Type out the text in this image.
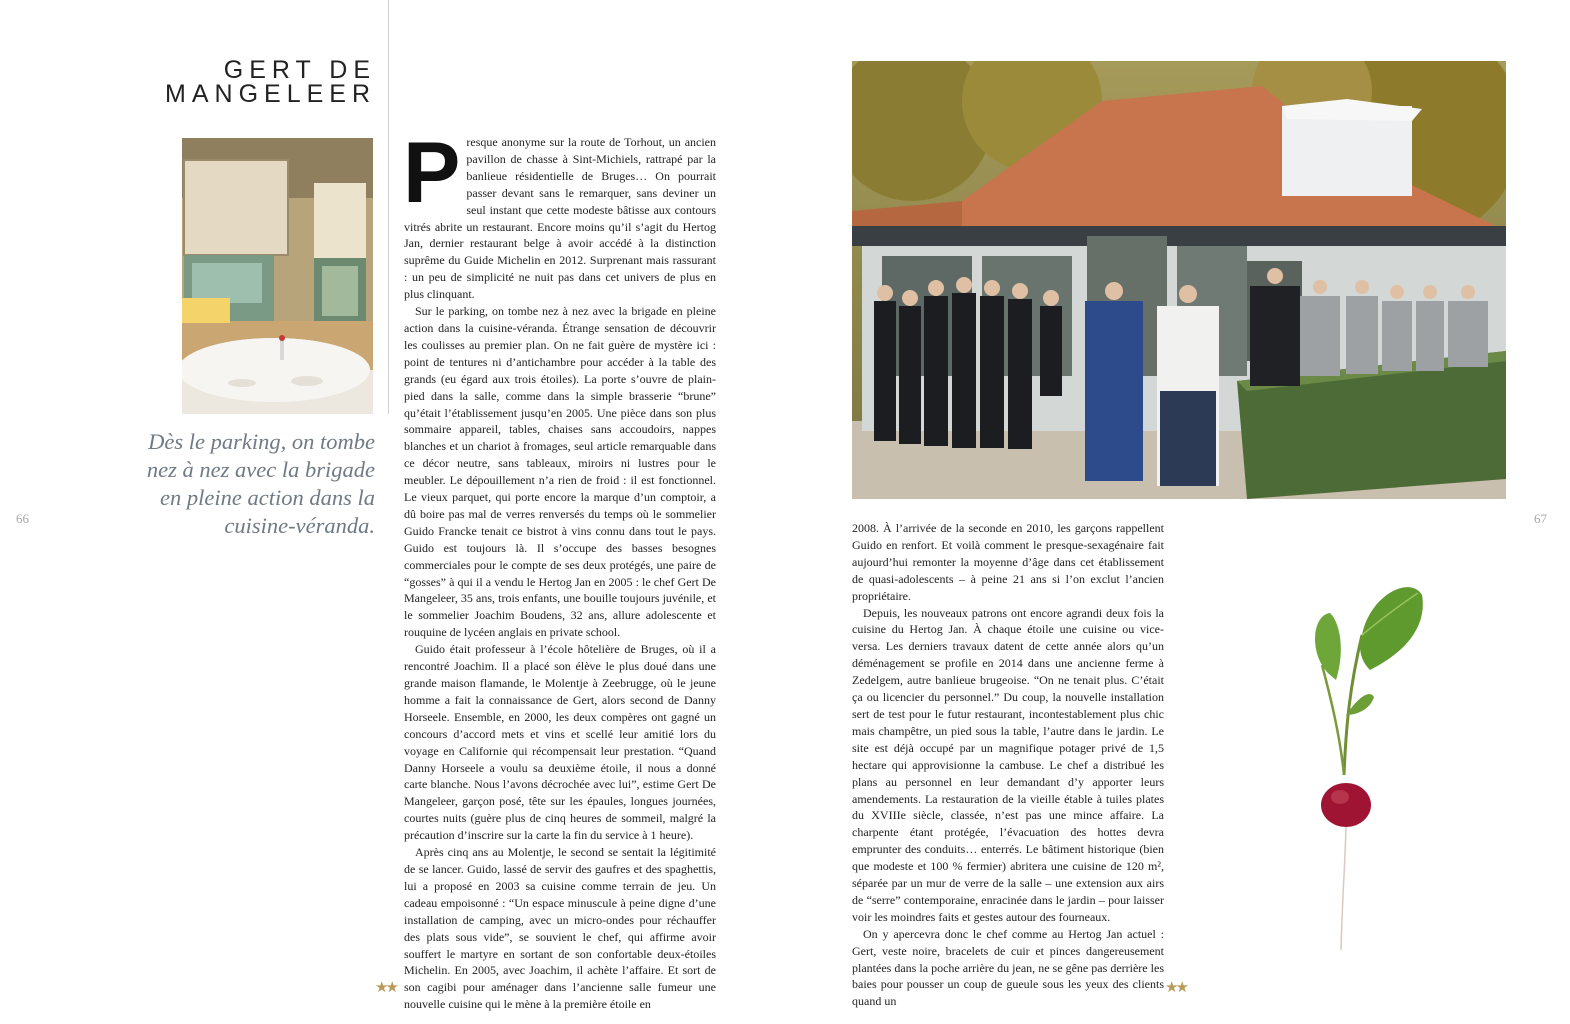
GERT DE
MANGELEER
Dès le parking, on tombe nez à nez avec la brigade en pleine action dans la cuisine-véranda.
66	67
P resque anonyme sur la route de Torhout, un ancien pavillon de chasse à Sint-Michiels, rattrapé par la banlieue résidentielle de Bruges… On pourrait passer devant sans le remarquer, sans deviner un seul instant que cette modeste bâtisse aux contours vitrés abrite un restaurant. Encore moins qu’il s’agit du Hertog Jan, dernier restaurant belge à avoir accédé à la distinction suprême du Guide Michelin en 2012. Surprenant mais rassurant : un peu de simplicité ne nuit pas dans cet univers de plus en plus clinquant.

Sur le parking, on tombe nez à nez avec la brigade en pleine action dans la cuisine-véranda. Étrange sensation de découvrir les coulisses au premier plan. On ne fait guère de mystère ici : point de tentures ni d’antichambre pour accéder à la table des grands (eu égard aux trois étoiles). La porte s’ouvre de plain-pied dans la salle, comme dans la simple brasserie “brune” qu’était l’établissement jusqu’en 2005. Une pièce dans son plus sommaire appareil, tables, chaises sans accoudoirs, nappes blanches et un chariot à fromages, seul article remarquable dans ce décor neutre, sans tableaux, miroirs ni lustres pour le meubler. Le dépouillement n’a rien de froid : il est fonctionnel. Le vieux parquet, qui porte encore la marque d’un comptoir, a dû boire pas mal de verres renversés du temps où le sommelier Guido Francke tenait ce bistrot à vins connu dans tout le pays. Guido est toujours là. Il s’occupe des basses besognes commerciales pour le compte de ses deux protégés, une paire de “gosses” à qui il a vendu le Hertog Jan en 2005 : le chef Gert De Mangeleer, 35 ans, trois enfants, une bouille toujours juvénile, et le sommelier Joachim Boudens, 32 ans, allure adolescente et rouquine de lycéen anglais en private school.

Guido était professeur à l’école hôtelière de Bruges, où il a rencontré Joachim. Il a placé son élève le plus doué dans une grande maison flamande, le Molentje à Zeebrugge, où le jeune homme a fait la connaissance de Gert, alors second de Danny Horseele. Ensemble, en 2000, les deux compères ont gagné un concours d’accord mets et vins et scellé leur amitié lors du voyage en Californie qui récompensait leur prestation. “Quand Danny Horseele a voulu sa deuxième étoile, il nous a donné carte blanche. Nous l’avons décrochée avec lui”, estime Gert De Mangeleer, garçon posé, tête sur les épaules, longues journées, courtes nuits (guère plus de cinq heures de sommeil, malgré la précaution d’inscrire sur la carte la fin du service à 1 heure).

Après cinq ans au Molentje, le second se sentait la légitimité de se lancer. Guido, lassé de servir des gaufres et des spaghettis, lui a proposé en 2003 sa cuisine comme terrain de jeu. Un cadeau empoisonné : “Un espace minuscule à peine digne d’une installation de camping, avec un micro-ondes pour réchauffer des plats sous vide”, se souvient le chef, qui affirme avoir souffert le martyre en sortant de son confortable deux-étoiles Michelin. En 2005, avec Joachim, il achète l’affaire. Et sort de son cagibi pour aménager dans l’ancienne salle fumeur une nouvelle cuisine qui le mène à la première étoile en

2008. À l’arrivée de la seconde en 2010, les garçons rappellent Guido en renfort. Et voilà comment le presque-sexagénaire fait aujourd’hui remonter la moyenne d’âge dans cet établissement de quasi-adolescents – à peine 21 ans si l’on exclut l’ancien propriétaire.

Depuis, les nouveaux patrons ont encore agrandi deux fois la cuisine du Hertog Jan. À chaque étoile une cuisine ou vice-versa. Les derniers travaux datent de cette année alors qu’un déménagement se profile en 2014 dans une ancienne ferme à Zedelgem, autre banlieue brugeoise. “On ne tenait plus. C’était ça ou licencier du personnel.” Du coup, la nouvelle installation sert de test pour le futur restaurant, incontestablement plus chic mais champêtre, un pied sous la table, l’autre dans le jardin. Le site est déjà occupé par un magnifique potager privé de 1,5 hectare qui approvisionne la cambuse. Le chef a distribué les plans au personnel en leur demandant d’y apporter leurs amendements. La restauration de la vieille étable à tuiles plates du XVIIIe siècle, classée, n’est pas une mince affaire. La charpente étant protégée, l’évacuation des hottes devra emprunter des conduits… enterrés. Le bâtiment historique (bien que modeste et 100 % fermier) abritera une cuisine de 120 m², séparée par un mur de verre de la salle – une extension aux airs de “serre” contemporaine, enracinée dans le jardin – pour laisser voir les moindres faits et gestes autour des fourneaux.

On y apercevra donc le chef comme au Hertog Jan actuel : Gert, veste noire, bracelets de cuir et pinces dangereusement plantées dans la poche arrière du jean, ne se gêne pas derrière les baies pour pousser un coup de gueule sous les yeux des clients quand un

★★	★★
